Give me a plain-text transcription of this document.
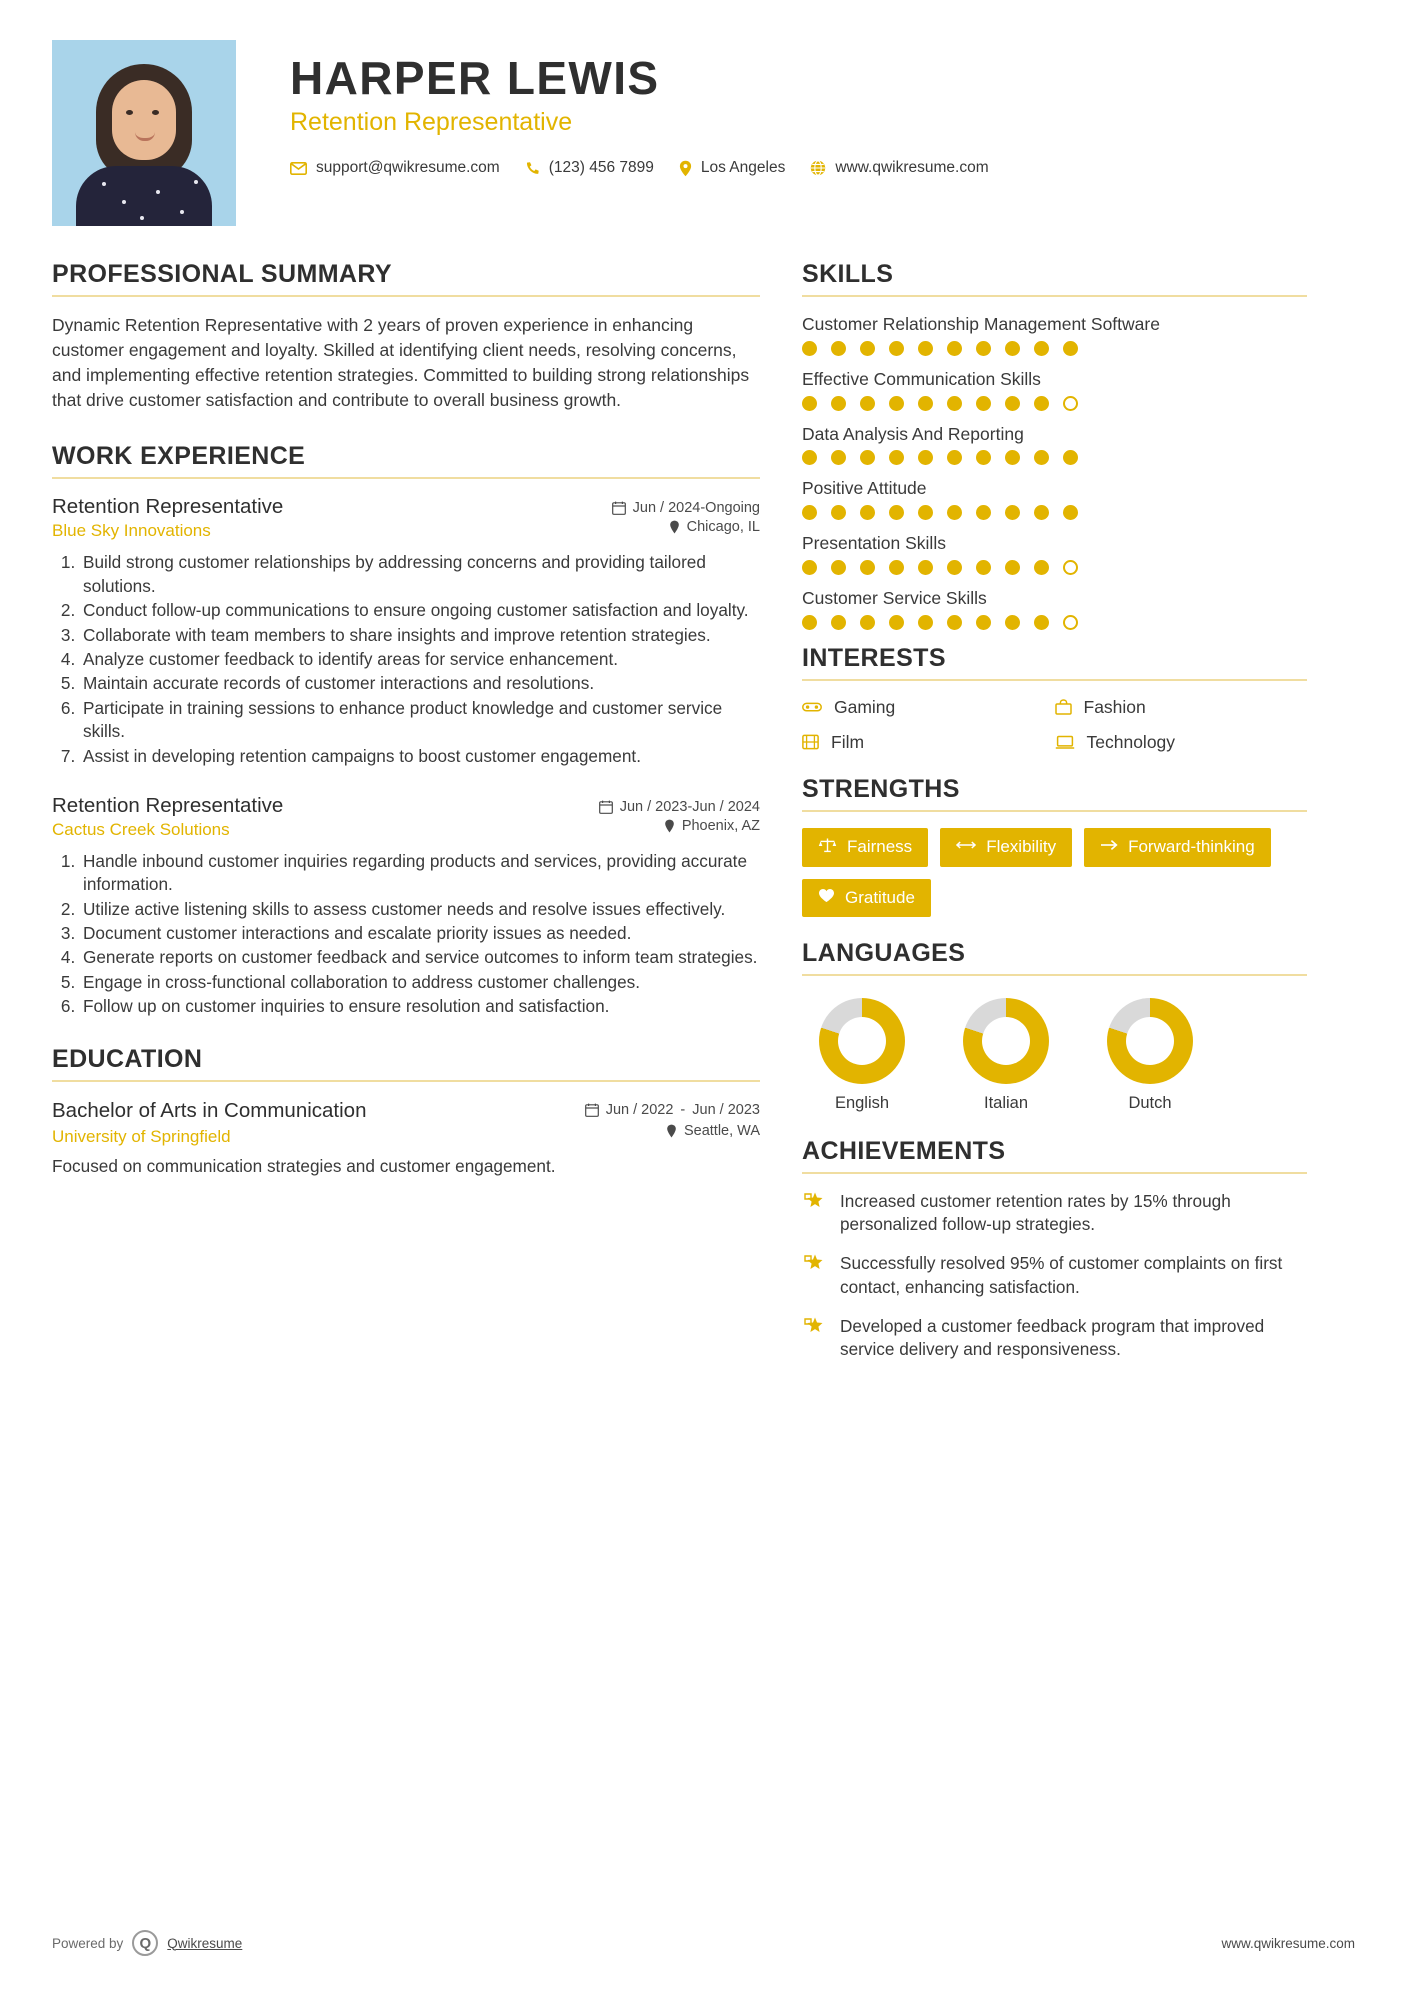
HARPER LEWIS
Retention Representative
support@qwikresume.com	(123) 456 7899	Los Angeles	www.qwikresume.com
PROFESSIONAL SUMMARY

Dynamic Retention Representative with 2 years of proven experience in enhancing customer engagement and loyalty. Skilled at identifying client needs, resolving concerns, and implementing effective retention strategies. Committed to building strong relationships that drive customer satisfaction and contribute to overall business growth.

WORK EXPERIENCE
Retention Representative	Jun / 2024-Ongoing
Blue Sky Innovations	Chicago, IL
1. Build strong customer relationships by addressing concerns and providing tailored solutions.
2. Conduct follow-up communications to ensure ongoing customer satisfaction and loyalty.
3. Collaborate with team members to share insights and improve retention strategies.
4. Analyze customer feedback to identify areas for service enhancement.
5. Maintain accurate records of customer interactions and resolutions.
6. Participate in training sessions to enhance product knowledge and customer service skills.
7. Assist in developing retention campaigns to boost customer engagement.
Retention Representative	Jun / 2023-Jun / 2024
Cactus Creek Solutions	Phoenix, AZ
1. Handle inbound customer inquiries regarding products and services, providing accurate information.
2. Utilize active listening skills to assess customer needs and resolve issues effectively.
3. Document customer interactions and escalate priority issues as needed.
4. Generate reports on customer feedback and service outcomes to inform team strategies.
5. Engage in cross-functional collaboration to address customer challenges.
6. Follow up on customer inquiries to ensure resolution and satisfaction.
EDUCATION
Bachelor of Arts in Communication	Jun / 2022 - Jun / 2023
University of Springfield	Seattle, WA
Focused on communication strategies and customer engagement.
SKILLS
Customer Relationship Management Software
Effective Communication Skills
Data Analysis And Reporting
Positive Attitude
Presentation Skills
Customer Service Skills
INTERESTS
Gaming	Fashion
Film	Technology
STRENGTHS
Fairness	Flexibility	Forward-thinking
Gratitude
LANGUAGES
English	Italian	Dutch
ACHIEVEMENTS
Increased customer retention rates by 15% through personalized follow-up strategies.
Successfully resolved 95% of customer complaints on first contact, enhancing satisfaction.
Developed a customer feedback program that improved service delivery and responsiveness.
Powered by	Q	Qwikresume	www.qwikresume.com
